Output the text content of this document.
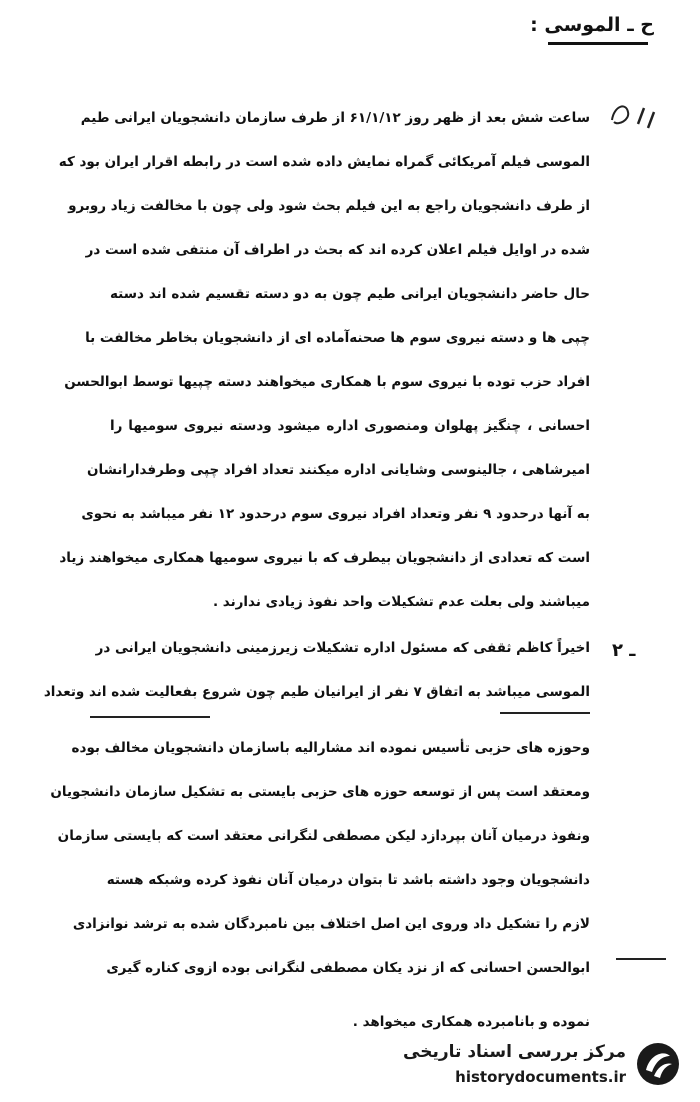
ح ـ الموسى :
ساعت شش بعد از ظهر روز ۶۱/۱/۱۲ از طرف سازمان دانشجویان ایرانی طیم
الموسى فیلم آمریکائی گمراه نمایش داده شده است در رابطه اقرار ایران بود که
از طرف دانشجویان راجع به این فیلم بحث شود ولی چون با مخالفت زیاد روبرو
شده در اوایل فیلم اعلان کرده اند که بحث در اطراف آن منتفی شده است در
حال حاضر دانشجویان ایرانی طیم چون به دو دسته تقسیم شده اند دسته
چپی ها و دسته نیروی سوم ها صحنه‌آماده ای از دانشجویان بخاطر مخالفت با
افراد حزب توده با نیروی سوم با همکاری میخواهند دسته چپیها توسط ابوالحسن
احسانی ، چنگیز پهلوان ومنصوری اداره میشود ودسته نیروی سومیها را
امیرشاهی ، جالینوسی وشایانی اداره میکنند تعداد افراد چپی وطرفدارانشان
به آنها درحدود ۹ نفر وتعداد افراد نیروی سوم درحدود ۱۲ نفر میباشد به نحوی
است که تعدادی از دانشجویان بیطرف که با نیروی سومیها همکاری میخواهند زیاد
میباشند ولی بعلت عدم تشکیلات واحد نفوذ زیادی ندارند .
۲ ـ
اخیراً کاظم ثقفی که مسئول اداره تشکیلات زیرزمینی دانشجویان ایرانی در
الموسى میباشد به اتفاق ۷ نفر از ایرانیان طیم چون شروع بفعالیت شده اند وتعداد
وحوزه های حزبی تأسیس نموده اند مشارالیه باسازمان دانشجویان مخالف بوده
ومعتقد است پس از توسعه حوزه های حزبی بایستی به تشکیل سازمان دانشجویان
ونفوذ درمیان آنان بپردازد لیکن مصطفی لنگرانی معتقد است که بایستی سازمان
دانشجویان وجود داشته باشد تا بتوان درمیان آنان نفوذ کرده وشبکه هسته
لازم را تشکیل داد وروی این اصل اختلاف بین نامبردگان شده به ترشد نوانزادی
ابوالحسن احسانی که از نزد یکان مصطفی لنگرانی بوده ازوی کناره گیری
نموده و بانامبرده همکاری میخواهد .
مرکز بررسی اسناد تاریخی
historydocuments.ir
